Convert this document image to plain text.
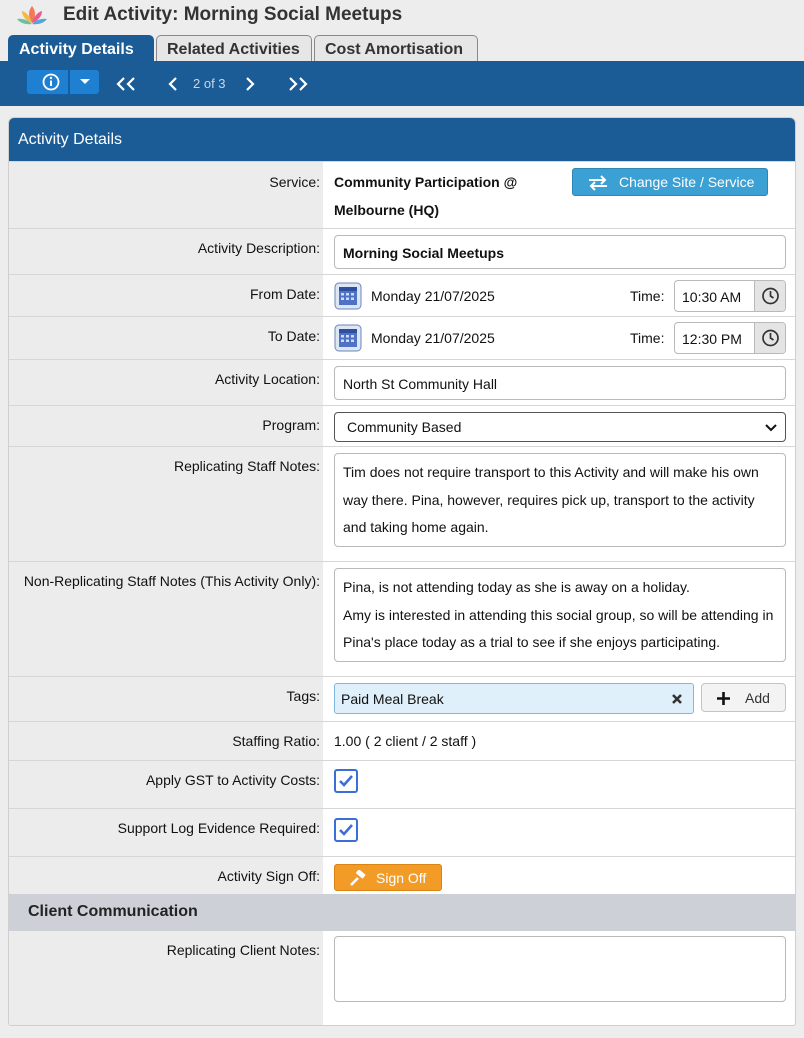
Edit Activity: Morning Social Meetups
Activity Details	Related Activities	Cost Amortisation
2 of 3
Activity Details
Service: Community Participation @
Melbourne (HQ)
Change Site / Service
Activity Description:	Morning Social Meetups
From Date:	Monday 21/07/2025	Time: 10:30 AM
To Date:	Monday 21/07/2025	Time: 12:30 PM
Activity Location:	North St Community Hall
Program:	Community Based
Replicating Staff Notes:
Tim does not require transport to this Activity and will make his own way there. Pina, however, requires pick up, transport to the activity and taking home again.
Non-Replicating Staff Notes (This Activity Only):
Pina, is not attending today as she is away on a holiday. Amy is interested in attending this social group, so will be attending in Pina's place today as a trial to see if she enjoys participating.
Tags: Paid Meal Break	Add
Staffing Ratio: 1.00 ( 2 client / 2 staff )
Apply GST to Activity Costs:
Support Log Evidence Required:
Activity Sign Off:	Sign Off
Client Communication
Replicating Client Notes:
